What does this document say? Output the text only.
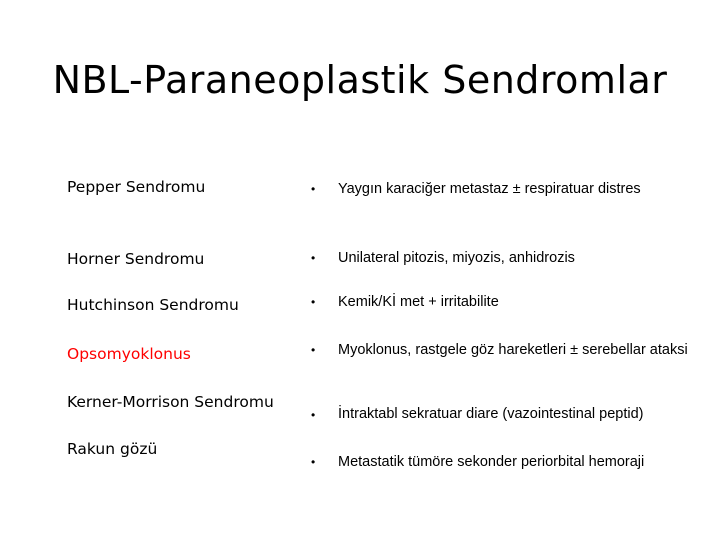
NBL-Paraneoplastik Sendromlar
Pepper Sendromu
Horner Sendromu
Hutchinson Sendromu
Opsomyoklonus
Kerner-Morrison Sendromu
Rakun gözü
• Yaygın karaciğer metastaz ± respiratuar distres
• Unilateral pitozis, miyozis, anhidrozis
• Kemik/Kİ met + irritabilite
• Myoklonus, rastgele göz hareketleri ± serebellar ataksi
• İntraktabl sekratuar diare (vazointestinal peptid)
• Metastatik tümöre sekonder periorbital hemoraji
